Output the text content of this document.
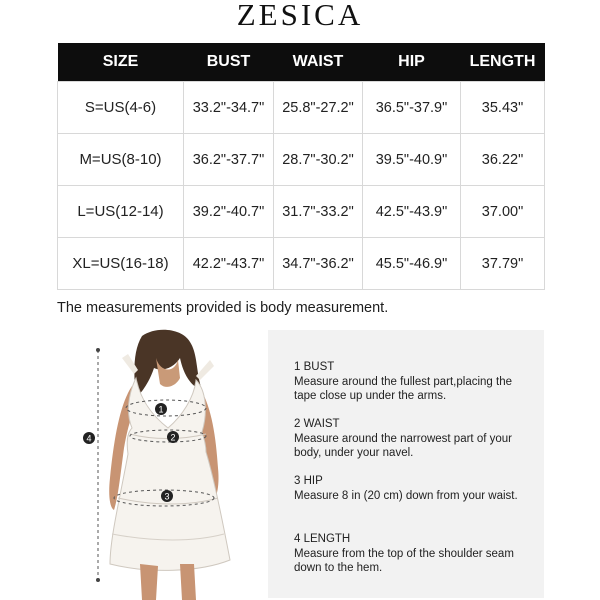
ZESICA
SIZE	BUST	WAIST	HIP	LENGTH
S=US(4-6)	33.2"-34.7"	25.8"-27.2"	36.5"-37.9"	35.43"
M=US(8-10)	36.2"-37.7"	28.7"-30.2"	39.5"-40.9"	36.22"
L=US(12-14)	39.2"-40.7"	31.7"-33.2"	42.5"-43.9"	37.00"
XL=US(16-18)	42.2"-43.7"	34.7"-36.2"	45.5"-46.9"	37.79"
The measurements provided is body measurement.
1
2
3
4
1 BUST
Measure around the fullest part,placing the tape close up under the arms.
2 WAIST
Measure around the narrowest part of your body, under your navel.
3 HIP
Measure 8 in (20 cm) down from your waist.
4 LENGTH
Measure from the top of the shoulder seam down to the hem.
